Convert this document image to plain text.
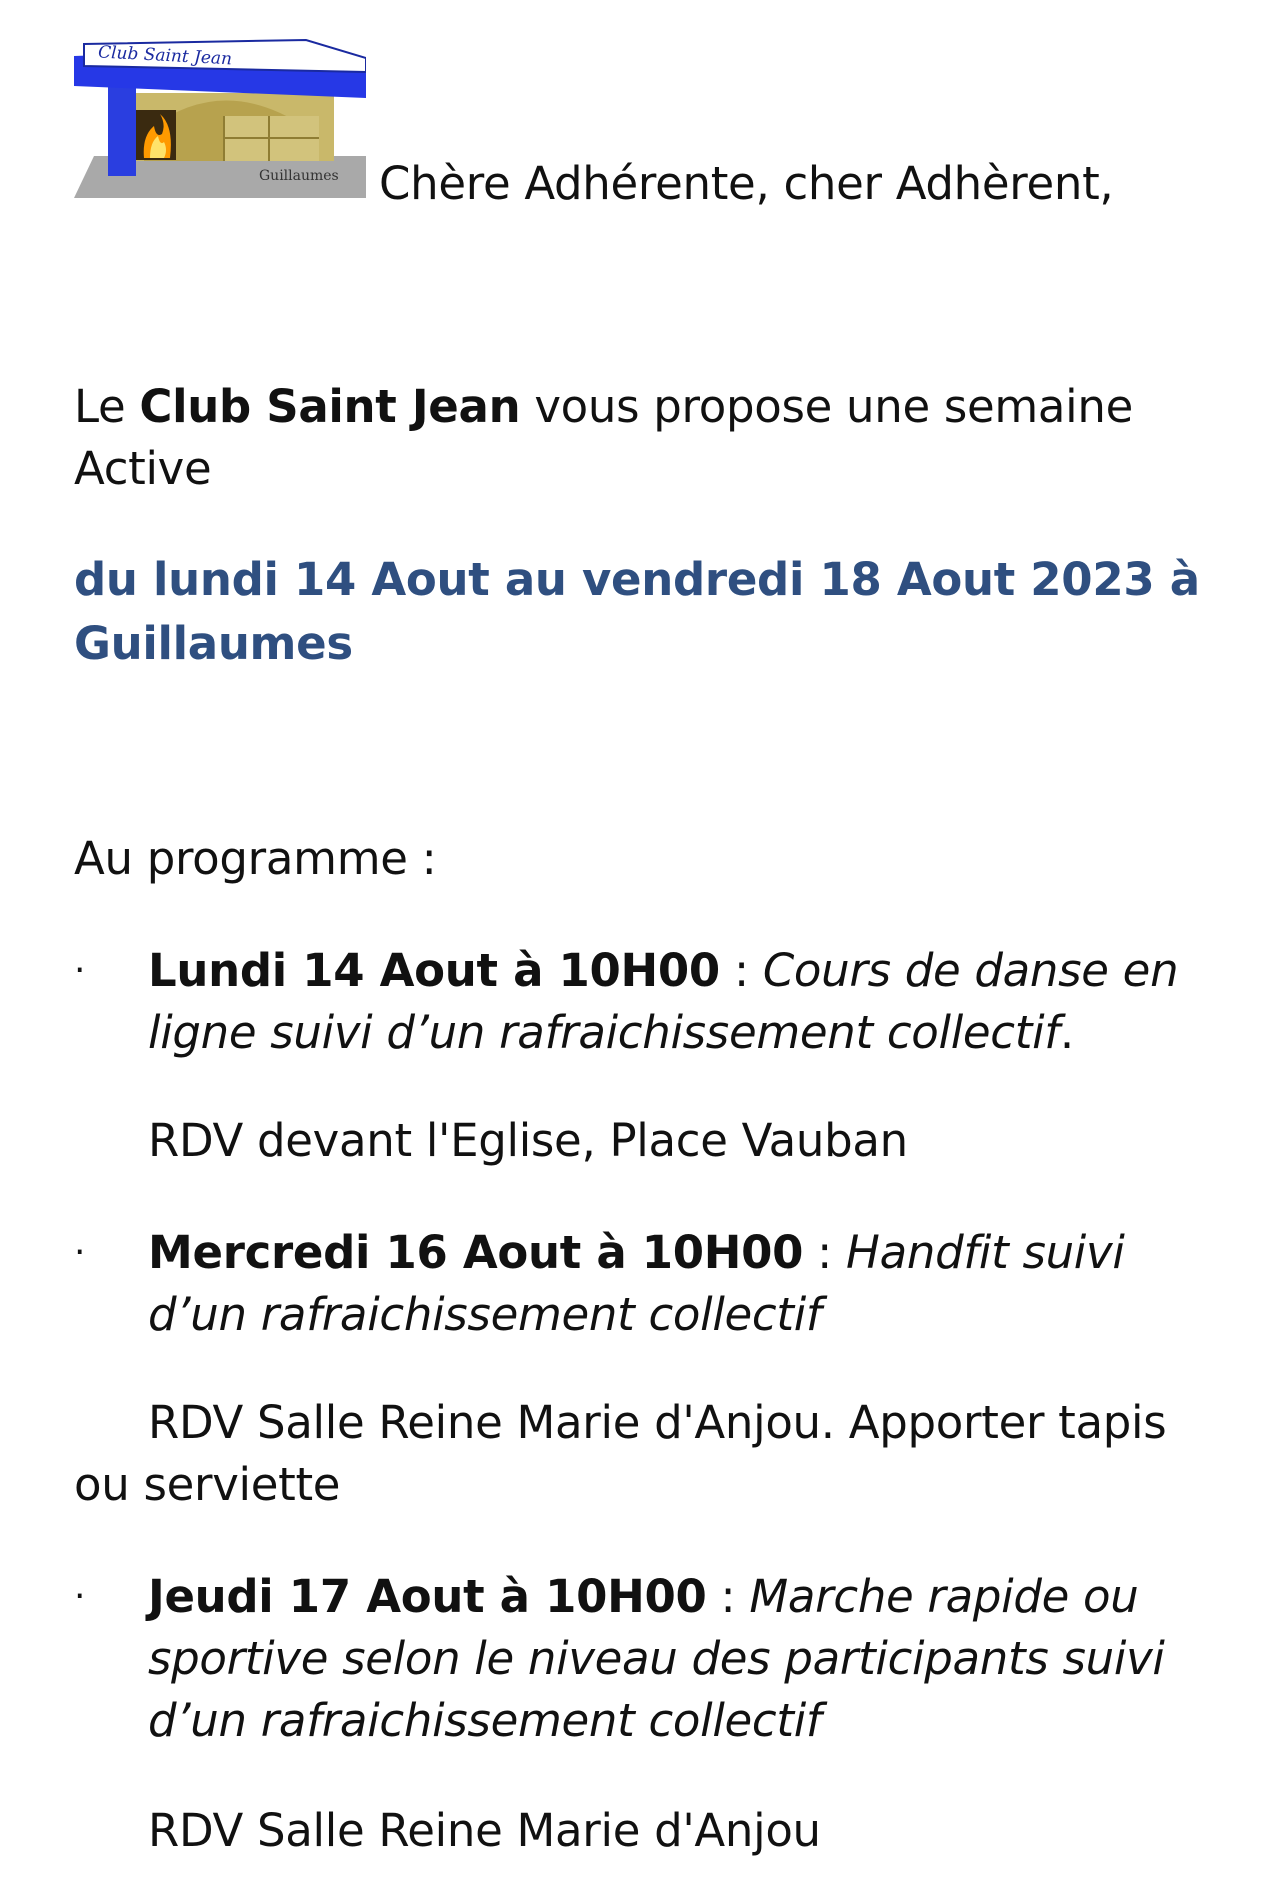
Club Saint Jean
Guillaumes Chère Adhérente, cher Adhèrent,

Le Club Saint Jean vous propose une semaine Active

du lundi 14 Aout au vendredi 18 Aout 2023 à Guillaumes

Au programme :

· Lundi 14 Aout à 10H00 : Cours de danse en ligne suivi d’un rafraichissement collectif.
RDV devant l'Eglise, Place Vauban
· Mercredi 16 Aout à 10H00 : Handfit suivi d’un rafraichissement collectif
RDV Salle Reine Marie d'Anjou. Apporter tapis ou serviette
· Jeudi 17 Aout à 10H00 : Marche rapide ou sportive selon le niveau des participants suivi d’un rafraichissement collectif
RDV Salle Reine Marie d'Anjou
